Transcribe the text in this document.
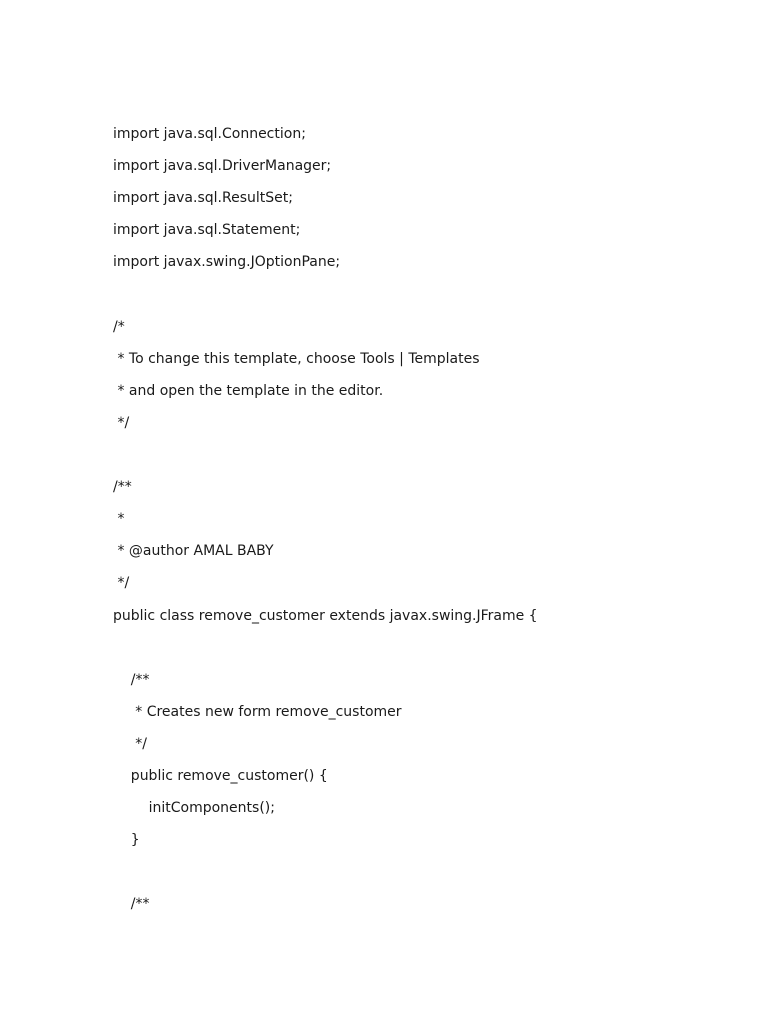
import java.sql.Connection;
import java.sql.DriverManager;
import java.sql.ResultSet;
import java.sql.Statement;
import javax.swing.JOptionPane;
/*
* To change this template, choose Tools | Templates
* and open the template in the editor.
*/
/**
*
* @author AMAL BABY
*/
public class remove_customer extends javax.swing.JFrame {
/**
* Creates new form remove_customer
*/
public remove_customer() {
initComponents();
}
/**
